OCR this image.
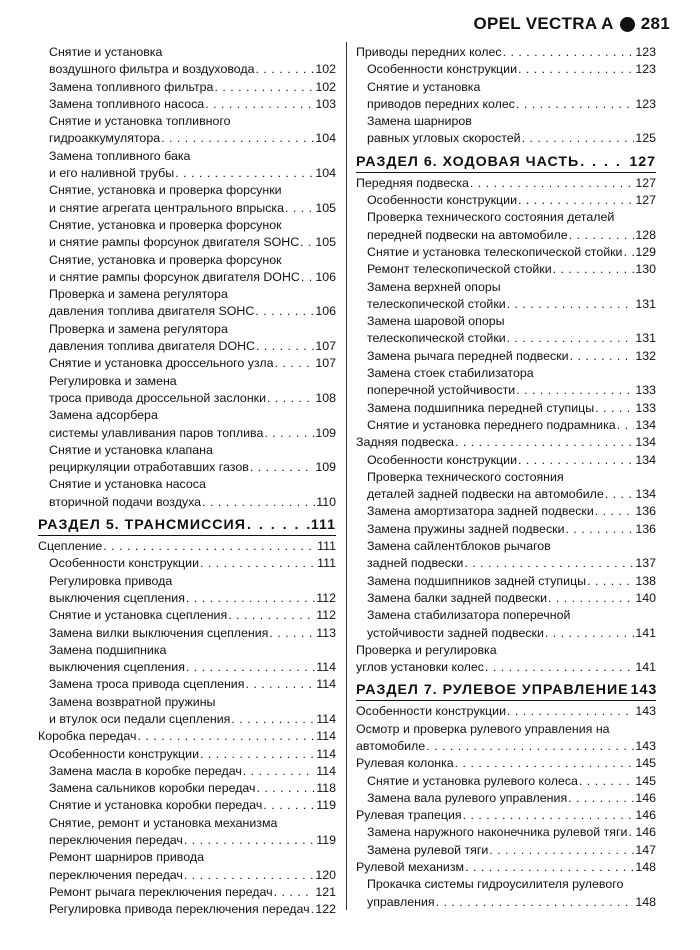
OPEL VECTRA A 281
Снятие и установка
воздушного фильтра и воздуховода . . .	102
Замена топливного фильтра . . .	102
Замена топливного насоса . . .	103
Снятие и установка топливного
гидроаккумулятора . . .	104
Замена топливного бака
и его наливной трубы . . .	104
Снятие, установка и проверка форсунки
и снятие агрегата центрального впрыска . . .	105
Снятие, установка и проверка форсунок
и снятие рампы форсунок двигателя SOHC . . . 105
Снятие, установка и проверка форсунок
и снятие рампы форсунок двигателя DOHC . . . 106
Проверка и замена регулятора
давления топлива двигателя SOHC . . .	106
Проверка и замена регулятора
давления топлива двигателя DOHC . . .	107
Снятие и установка дроссельного узла . . .	107
Регулировка и замена
троса привода дроссельной заслонки . . .	108
Замена адсорбера
системы улавливания паров топлива . . .	109
Снятие и установка клапана
рециркуляции отработавших газов . . .	109
Снятие и установка насоса
вторичной подачи воздуха . . .	110
РАЗДЕЛ 5. ТРАНСМИССИЯ . . .	111
Сцепление . . .	111
Особенности конструкции . . .	111
Регулировка привода
выключения сцепления . . .	112
Снятие и установка сцепления . . .	112
Замена вилки выключения сцепления . . .	113
Замена подшипника
выключения сцепления . . .	114
Замена троса привода сцепления . . .	114
Замена возвратной пружины
и втулок оси педали сцепления . . .	114
Коробка передач . . .	114
Особенности конструкции . . .	114
Замена масла в коробке передач . . .	114
Замена сальников коробки передач . . .	118
Снятие и установка коробки передач . . .	119
Снятие, ремонт и установка механизма
переключения передач . . .	119
Ремонт шарниров привода
переключения передач . . .	120
Ремонт рычага переключения передач . . .	121
Регулировка привода переключения передач . . . 122
Приводы передних колес . . .	123
Особенности конструкции . . .	123
Снятие и установка
приводов передних колес . . .	123
Замена шарниров
равных угловых скоростей . . .	125
РАЗДЕЛ 6. ХОДОВАЯ ЧАСТЬ . . .	127
Передняя подвеска . . .	127
Особенности конструкции . . .	127
Проверка технического состояния деталей
передней подвески на автомобиле . . .	128
Снятие и установка телескопической стойки . . . 129
Ремонт телескопической стойки . . .	130
Замена верхней опоры
телескопической стойки . . .	131
Замена шаровой опоры
телескопической стойки . . .	131
Замена рычага передней подвески . . .	132
Замена стоек стабилизатора
поперечной устойчивости . . .	133
Замена подшипника передней ступицы . . .	133
Снятие и установка переднего подрамника . . . 134
Задняя подвеска . . .	134
Особенности конструкции . . .	134
Проверка технического состояния
деталей задней подвески на автомобиле . . .	134
Замена амортизатора задней подвески . . .	136
Замена пружины задней подвески . . .	136
Замена сайлентблоков рычагов
задней подвески . . .	137
Замена подшипников задней ступицы . . .	138
Замена балки задней подвески . . .	140
Замена стабилизатора поперечной
устойчивости задней подвески . . .	141
Проверка и регулировка
углов установки колес . . .	141
РАЗДЕЛ 7. РУЛЕВОЕ УПРАВЛЕНИЕ 143
Особенности конструкции . . .	143
Осмотр и проверка рулевого управления на
автомобиле . . .	143
Рулевая колонка . . .	145
Снятие и установка рулевого колеса . . .	145
Замена вала рулевого управления . . .	146
Рулевая трапеция . . .	146
Замена наружного наконечника рулевой тяги . . . 146
Замена рулевой тяги . . .	147
Рулевой механизм . . .	148
Прокачка системы гидроусилителя рулевого
управления . . .	148
